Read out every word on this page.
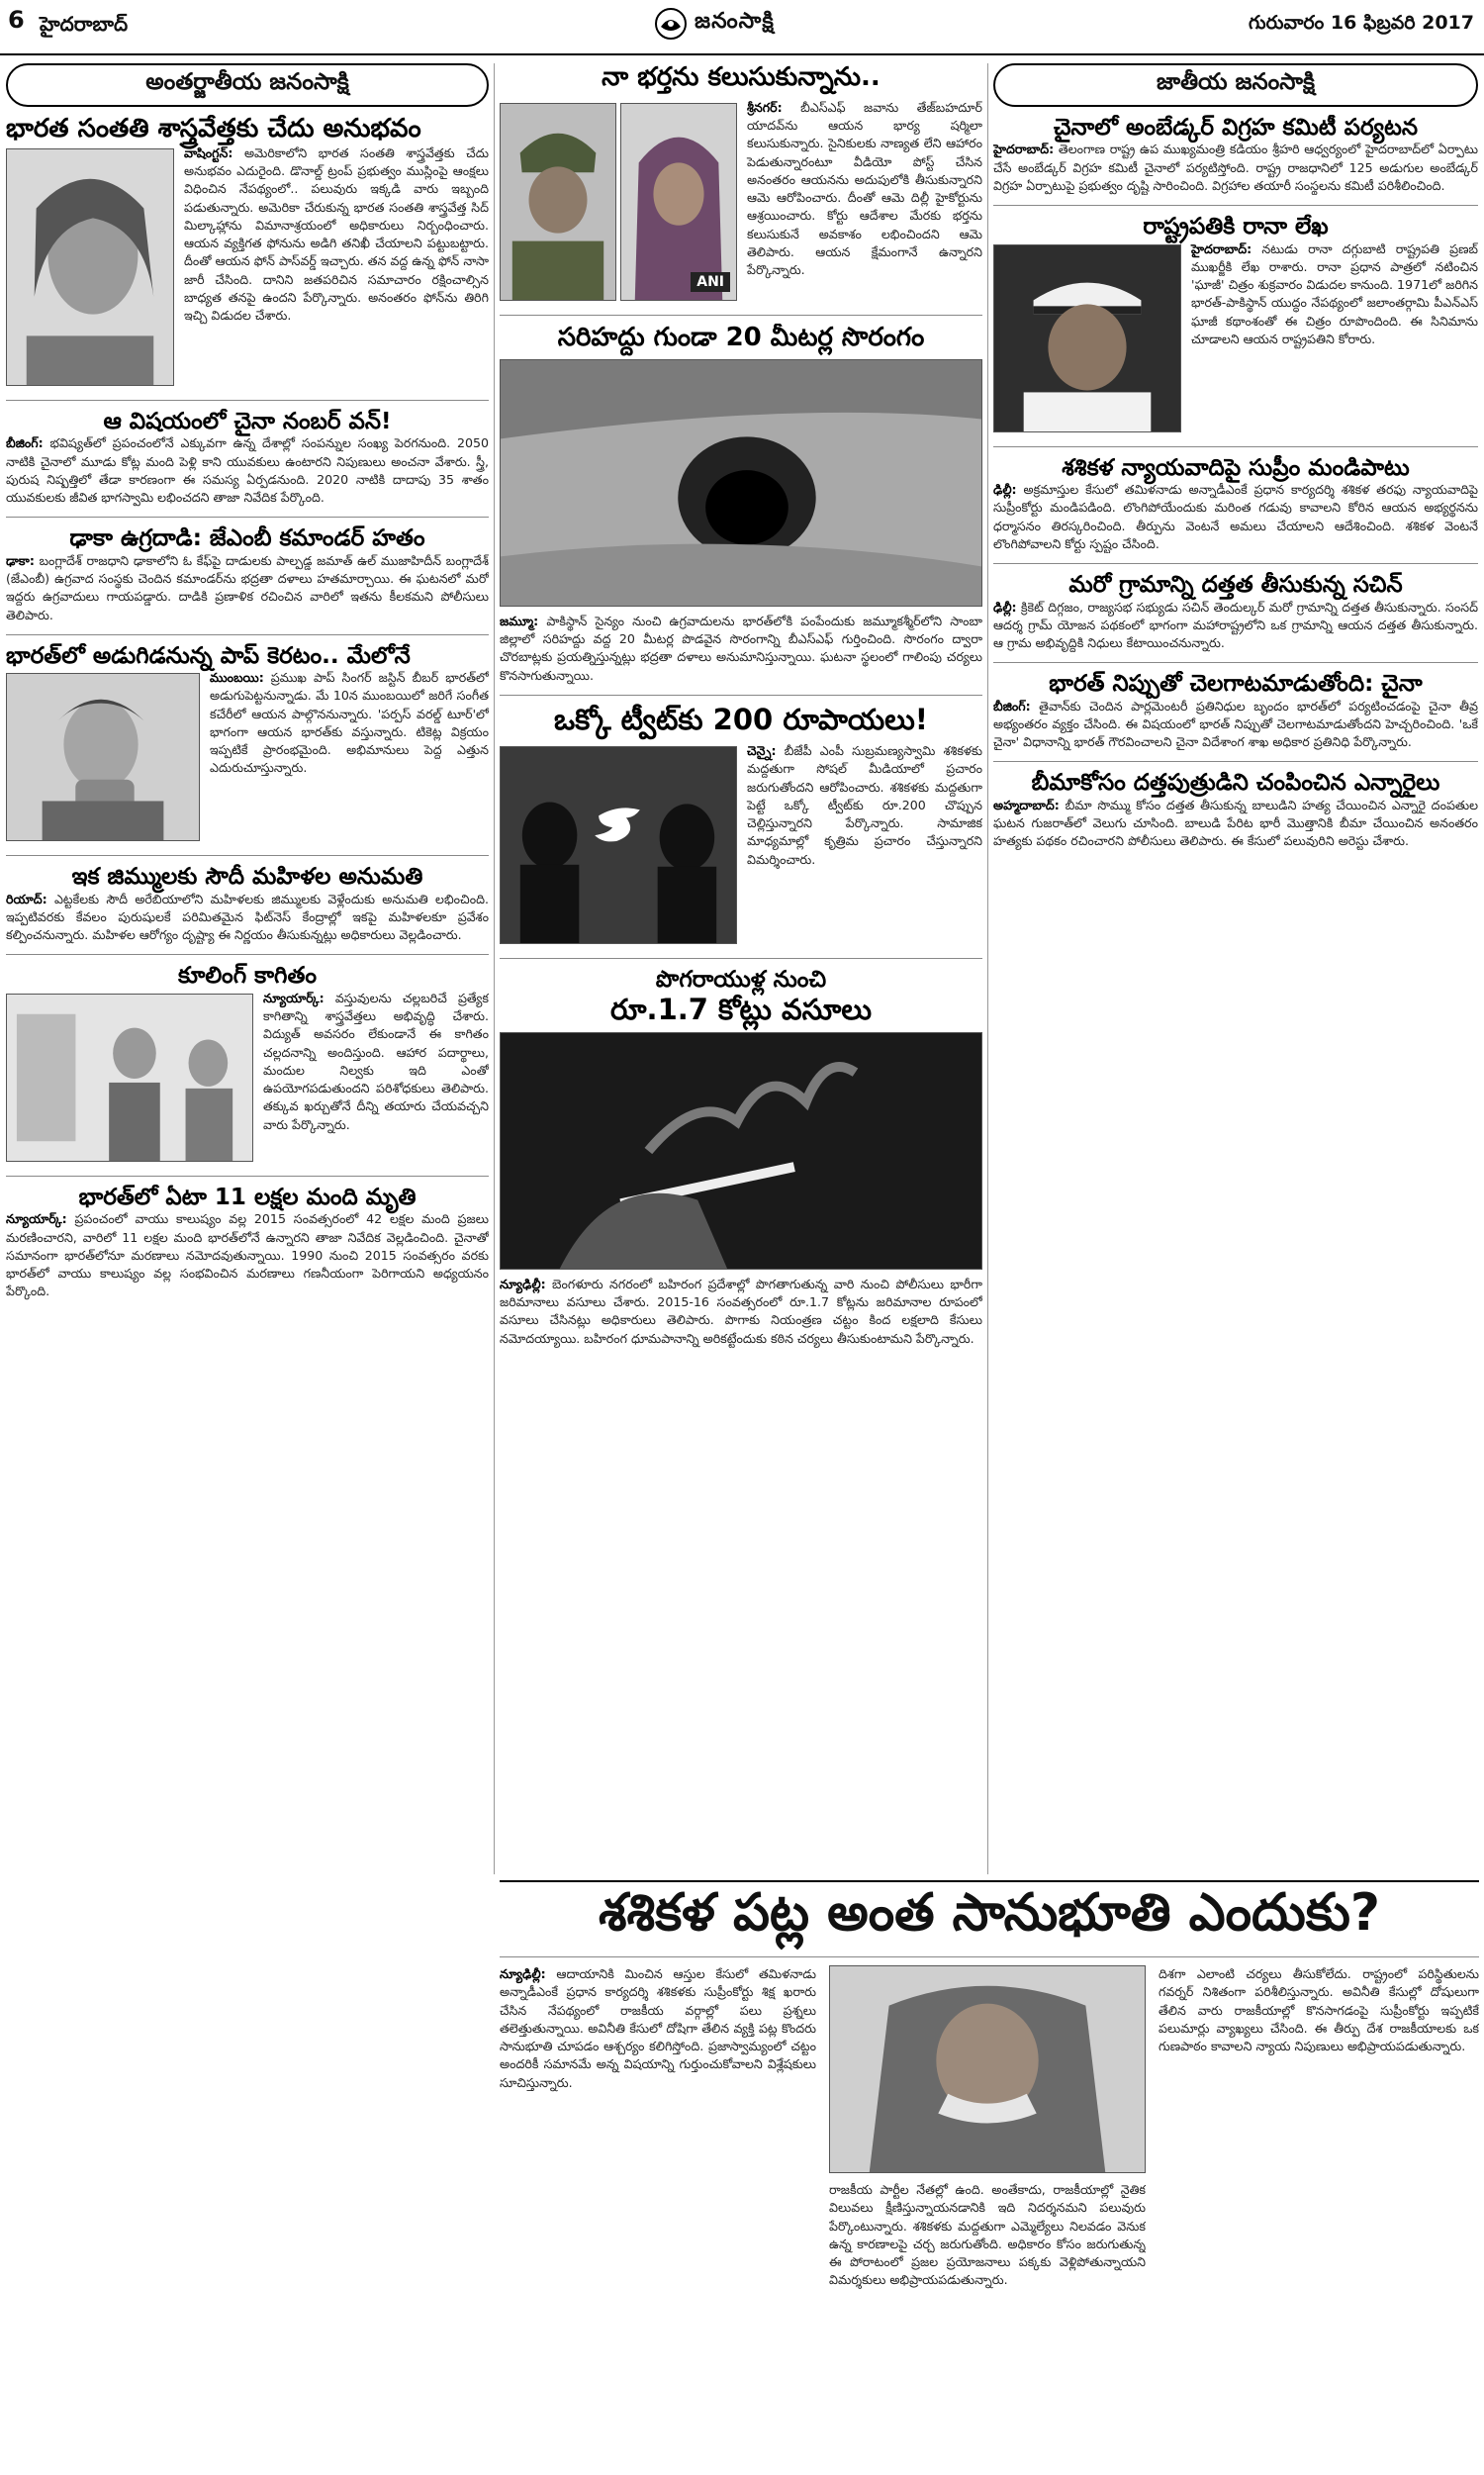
6 హైదరాబాద్	జనంసాక్షి	గురువారం 16 ఫిబ్రవరి 2017
అంతర్జాతీయ జనంసాక్షి
భారత సంతతి శాస్త్రవేత్తకు చేదు అనుభవం

వాషింగ్టన్‌: అమెరికాలోని భారత సంతతి శాస్త్రవేత్తకు చేదు అనుభవం ఎదురైంది. డొనాల్డ్‌ ట్రంప్‌ ప్రభుత్వం ముస్లింపై ఆంక్షలు విధించిన నేపథ్యంలో.. పలువురు ఇక్కడి వారు ఇబ్బంది పడుతున్నారు. అమెరికా చేరుకున్న భారత సంతతి శాస్త్రవేత్త సిద్‌ మిల్కాహ్లాను విమానాశ్రయంలో అధికారులు నిర్బంధించారు. ఆయన వ్యక్తిగత ఫోనును అడిగి తనిఖీ చేయాలని పట్టుబట్టారు. దీంతో ఆయన ఫోన్‌ పాస్‌వర్డ్‌ ఇచ్చారు. తన వద్ద ఉన్న ఫోన్‌ నాసా జారీ చేసింది. దానిని జతపరిచిన సమాచారం రక్షించాల్సిన బాధ్యత తనపై ఉందని పేర్కొన్నారు. అనంతరం ఫోన్‌ను తిరిగి ఇచ్చి విడుదల చేశారు.

ఆ విషయంలో చైనా నంబర్‌ వన్‌!

బీజింగ్‌: భవిష్యత్‌లో ప్రపంచంలోనే ఎక్కువగా ఉన్న దేశాల్లో సంపన్నుల సంఖ్య పెరగనుంది. 2050 నాటికి చైనాలో మూడు కోట్ల మంది పెళ్లి కాని యువకులు ఉంటారని నిపుణులు అంచనా వేశారు. స్త్రీ, పురుష నిష్పత్తిలో తేడా కారణంగా ఈ సమస్య ఏర్పడనుంది. 2020 నాటికి దాదాపు 35 శాతం యువకులకు జీవిత భాగస్వామి లభించదని తాజా నివేదిక పేర్కొంది.

ఢాకా ఉగ్రదాడి: జేఎంబీ కమాండర్‌ హతం

ఢాకా: బంగ్లాదేశ్‌ రాజధాని ఢాకాలోని ఓ కేఫ్‌పై దాడులకు పాల్పడ్డ జమాత్‌ ఉల్‌ ముజాహిదీన్‌ బంగ్లాదేశ్‌ (జేఎంబీ) ఉగ్రవాద సంస్థకు చెందిన కమాండర్‌ను భద్రతా దళాలు హతమార్చాయి. ఈ ఘటనలో మరో ఇద్దరు ఉగ్రవాదులు గాయపడ్డారు. దాడికి ప్రణాళిక రచించిన వారిలో ఇతను కీలకమని పోలీసులు తెలిపారు.

భారత్‌లో అడుగిడనున్న పాప్‌ కెరటం.. మేలోనే

ముంబయి: ప్రముఖ పాప్‌ సింగర్‌ జస్టిన్‌ బీబర్‌ భారత్‌లో అడుగుపెట్టనున్నాడు. మే 10న ముంబయిలో జరిగే సంగీత కచేరీలో ఆయన పాల్గొననున్నారు. 'పర్పస్‌ వరల్డ్‌ టూర్‌'లో భాగంగా ఆయన భారత్‌కు వస్తున్నారు. టికెట్ల విక్రయం ఇప్పటికే ప్రారంభమైంది. అభిమానులు పెద్ద ఎత్తున ఎదురుచూస్తున్నారు.

ఇక జిమ్ములకు సౌదీ మహిళల అనుమతి

రియాద్‌: ఎట్టకేలకు సౌదీ అరేబియాలోని మహిళలకు జిమ్ములకు వెళ్లేందుకు అనుమతి లభించింది. ఇప్పటివరకు కేవలం పురుషులకే పరిమితమైన ఫిట్‌నెస్‌ కేంద్రాల్లో ఇకపై మహిళలకూ ప్రవేశం కల్పించనున్నారు. మహిళల ఆరోగ్యం దృష్ట్యా ఈ నిర్ణయం తీసుకున్నట్లు అధికారులు వెల్లడించారు.

కూలింగ్‌ కాగితం

న్యూయార్క్‌: వస్తువులను చల్లబరిచే ప్రత్యేక కాగితాన్ని శాస్త్రవేత్తలు అభివృద్ధి చేశారు. విద్యుత్‌ అవసరం లేకుండానే ఈ కాగితం చల్లదనాన్ని అందిస్తుంది. ఆహార పదార్థాలు, మందుల నిల్వకు ఇది ఎంతో ఉపయోగపడుతుందని పరిశోధకులు తెలిపారు. తక్కువ ఖర్చుతోనే దీన్ని తయారు చేయవచ్చని వారు పేర్కొన్నారు.

భారత్‌లో ఏటా 11 లక్షల మంది మృతి

న్యూయార్క్‌: ప్రపంచంలో వాయు కాలుష్యం వల్ల 2015 సంవత్సరంలో 42 లక్షల మంది ప్రజలు మరణించారని, వారిలో 11 లక్షల మంది భారత్‌లోనే ఉన్నారని తాజా నివేదిక వెల్లడించింది. చైనాతో సమానంగా భారత్‌లోనూ మరణాలు నమోదవుతున్నాయి. 1990 నుంచి 2015 సంవత్సరం వరకు భారత్‌లో వాయు కాలుష్యం వల్ల సంభవించిన మరణాలు గణనీయంగా పెరిగాయని అధ్యయనం పేర్కొంది.

నా భర్తను కలుసుకున్నాను..
ANI

శ్రీనగర్‌: బీఎస్‌ఎఫ్‌ జవాను తేజ్‌బహదూర్‌ యాదవ్‌ను ఆయన భార్య షర్మిలా కలుసుకున్నారు. సైనికులకు నాణ్యత లేని ఆహారం పెడుతున్నారంటూ వీడియో పోస్ట్‌ చేసిన అనంతరం ఆయనను అదుపులోకి తీసుకున్నారని ఆమె ఆరోపించారు. దీంతో ఆమె దిల్లీ హైకోర్టును ఆశ్రయించారు. కోర్టు ఆదేశాల మేరకు భర్తను కలుసుకునే అవకాశం లభించిందని ఆమె తెలిపారు. ఆయన క్షేమంగానే ఉన్నారని పేర్కొన్నారు.

సరిహద్దు గుండా 20 మీటర్ల సొరంగం

జమ్మూ: పాకిస్థాన్‌ సైన్యం నుంచి ఉగ్రవాదులను భారత్‌లోకి పంపేందుకు జమ్మూకశ్మీర్‌లోని సాంబా జిల్లాలో సరిహద్దు వద్ద 20 మీటర్ల పొడవైన సొరంగాన్ని బీఎస్‌ఎఫ్‌ గుర్తించింది. సొరంగం ద్వారా చొరబాట్లకు ప్రయత్నిస్తున్నట్లు భద్రతా దళాలు అనుమానిస్తున్నాయి. ఘటనా స్థలంలో గాలింపు చర్యలు కొనసాగుతున్నాయి.

ఒక్కో ట్వీట్‌కు 200 రూపాయలు!

చెన్నై: బీజేపీ ఎంపీ సుబ్రమణ్యస్వామి శశికళకు మద్దతుగా సోషల్‌ మీడియాలో ప్రచారం జరుగుతోందని ఆరోపించారు. శశికళకు మద్దతుగా పెట్టే ఒక్కో ట్వీట్‌కు రూ.200 చొప్పున చెల్లిస్తున్నారని పేర్కొన్నారు. సామాజిక మాధ్యమాల్లో కృత్రిమ ప్రచారం చేస్తున్నారని విమర్శించారు.

పొగరాయుళ్ల నుంచి
రూ.1.7 కోట్లు వసూలు

న్యూఢిల్లీ: బెంగళూరు నగరంలో బహిరంగ ప్రదేశాల్లో పొగతాగుతున్న వారి నుంచి పోలీసులు భారీగా జరిమానాలు వసూలు చేశారు. 2015-16 సంవత్సరంలో రూ.1.7 కోట్లను జరిమానాల రూపంలో వసూలు చేసినట్లు అధికారులు తెలిపారు. పొగాకు నియంత్రణ చట్టం కింద లక్షలాది కేసులు నమోదయ్యాయి. బహిరంగ ధూమపానాన్ని అరికట్టేందుకు కఠిన చర్యలు తీసుకుంటామని పేర్కొన్నారు.

జాతీయ జనంసాక్షి
చైనాలో అంబేడ్కర్‌ విగ్రహ కమిటీ పర్యటన

హైదరాబాద్‌: తెలంగాణ రాష్ట్ర ఉప ముఖ్యమంత్రి కడియం శ్రీహరి ఆధ్వర్యంలో హైదరాబాద్‌లో ఏర్పాటు చేసే అంబేడ్కర్‌ విగ్రహ కమిటీ చైనాలో పర్యటిస్తోంది. రాష్ట్ర రాజధానిలో 125 అడుగుల అంబేడ్కర్‌ విగ్రహ ఏర్పాటుపై ప్రభుత్వం దృష్టి సారించింది. విగ్రహాల తయారీ సంస్థలను కమిటీ పరిశీలించింది.

రాష్ట్రపతికి రానా లేఖ

హైదరాబాద్‌: నటుడు రానా దగ్గుబాటి రాష్ట్రపతి ప్రణబ్‌ ముఖర్జీకి లేఖ రాశారు. రానా ప్రధాన పాత్రలో నటించిన 'ఘాజీ' చిత్రం శుక్రవారం విడుదల కానుంది. 1971లో జరిగిన భారత్‌-పాకిస్థాన్‌ యుద్ధం నేపథ్యంలో జలాంతర్గామి పీఎన్‌ఎస్‌ ఘాజీ కథాంశంతో ఈ చిత్రం రూపొందింది. ఈ సినిమాను చూడాలని ఆయన రాష్ట్రపతిని కోరారు.

శశికళ న్యాయవాదిపై సుప్రీం మండిపాటు

ఢిల్లీ: అక్రమాస్తుల కేసులో తమిళనాడు అన్నాడీఎంకే ప్రధాన కార్యదర్శి శశికళ తరఫు న్యాయవాదిపై సుప్రీంకోర్టు మండిపడింది. లొంగిపోయేందుకు మరింత గడువు కావాలని కోరిన ఆయన అభ్యర్థనను ధర్మాసనం తిరస్కరించింది. తీర్పును వెంటనే అమలు చేయాలని ఆదేశించింది. శశికళ వెంటనే లొంగిపోవాలని కోర్టు స్పష్టం చేసింది.

మరో గ్రామాన్ని దత్తత తీసుకున్న సచిన్‌

ఢిల్లీ: క్రికెట్‌ దిగ్గజం, రాజ్యసభ సభ్యుడు సచిన్‌ తెందుల్కర్‌ మరో గ్రామాన్ని దత్తత తీసుకున్నారు. సంసద్‌ ఆదర్శ గ్రామ్‌ యోజన పథకంలో భాగంగా మహారాష్ట్రలోని ఒక గ్రామాన్ని ఆయన దత్తత తీసుకున్నారు. ఆ గ్రామ అభివృద్ధికి నిధులు కేటాయించనున్నారు.

భారత్‌ నిప్పుతో చెలగాటమాడుతోంది: చైనా

బీజింగ్‌: తైవాన్‌కు చెందిన పార్లమెంటరీ ప్రతినిధుల బృందం భారత్‌లో పర్యటించడంపై చైనా తీవ్ర అభ్యంతరం వ్యక్తం చేసింది. ఈ విషయంలో భారత్‌ నిప్పుతో చెలగాటమాడుతోందని హెచ్చరించింది. 'ఒకే చైనా' విధానాన్ని భారత్‌ గౌరవించాలని చైనా విదేశాంగ శాఖ అధికార ప్రతినిధి పేర్కొన్నారు.

బీమాకోసం దత్తపుత్రుడిని చంపించిన ఎన్నారైలు

అహ్మదాబాద్‌: బీమా సొమ్ము కోసం దత్తత తీసుకున్న బాలుడిని హత్య చేయించిన ఎన్నారై దంపతుల ఘటన గుజరాత్‌లో వెలుగు చూసింది. బాలుడి పేరిట భారీ మొత్తానికి బీమా చేయించిన అనంతరం హత్యకు పథకం రచించారని పోలీసులు తెలిపారు. ఈ కేసులో పలువురిని అరెస్టు చేశారు.

శశికళ పట్ల అంత సానుభూతి ఎందుకు?

న్యూఢిల్లీ: ఆదాయానికి మించిన ఆస్తుల కేసులో తమిళనాడు అన్నాడీఎంకే ప్రధాన కార్యదర్శి శశికళకు సుప్రీంకోర్టు శిక్ష ఖరారు చేసిన నేపథ్యంలో రాజకీయ వర్గాల్లో పలు ప్రశ్నలు తలెత్తుతున్నాయి. అవినీతి కేసులో దోషిగా తేలిన వ్యక్తి పట్ల కొందరు సానుభూతి చూపడం ఆశ్చర్యం కలిగిస్తోంది. ప్రజాస్వామ్యంలో చట్టం అందరికీ సమానమే అన్న విషయాన్ని గుర్తుంచుకోవాలని విశ్లేషకులు సూచిస్తున్నారు.

రాజకీయ పార్టీల నేతల్లో ఉంది. అంతేకాదు, రాజకీయాల్లో నైతిక విలువలు క్షీణిస్తున్నాయనడానికి ఇది నిదర్శనమని పలువురు పేర్కొంటున్నారు. శశికళకు మద్దతుగా ఎమ్మెల్యేలు నిలవడం వెనుక ఉన్న కారణాలపై చర్చ జరుగుతోంది. అధికారం కోసం జరుగుతున్న ఈ పోరాటంలో ప్రజల ప్రయోజనాలు పక్కకు వెళ్లిపోతున్నాయని విమర్శకులు అభిప్రాయపడుతున్నారు.

దిశగా ఎలాంటి చర్యలు తీసుకోలేదు. రాష్ట్రంలో పరిస్థితులను గవర్నర్‌ నిశితంగా పరిశీలిస్తున్నారు. అవినీతి కేసుల్లో దోషులుగా తేలిన వారు రాజకీయాల్లో కొనసాగడంపై సుప్రీంకోర్టు ఇప్పటికే పలుమార్లు వ్యాఖ్యలు చేసింది. ఈ తీర్పు దేశ రాజకీయాలకు ఒక గుణపాఠం కావాలని న్యాయ నిపుణులు అభిప్రాయపడుతున్నారు.
